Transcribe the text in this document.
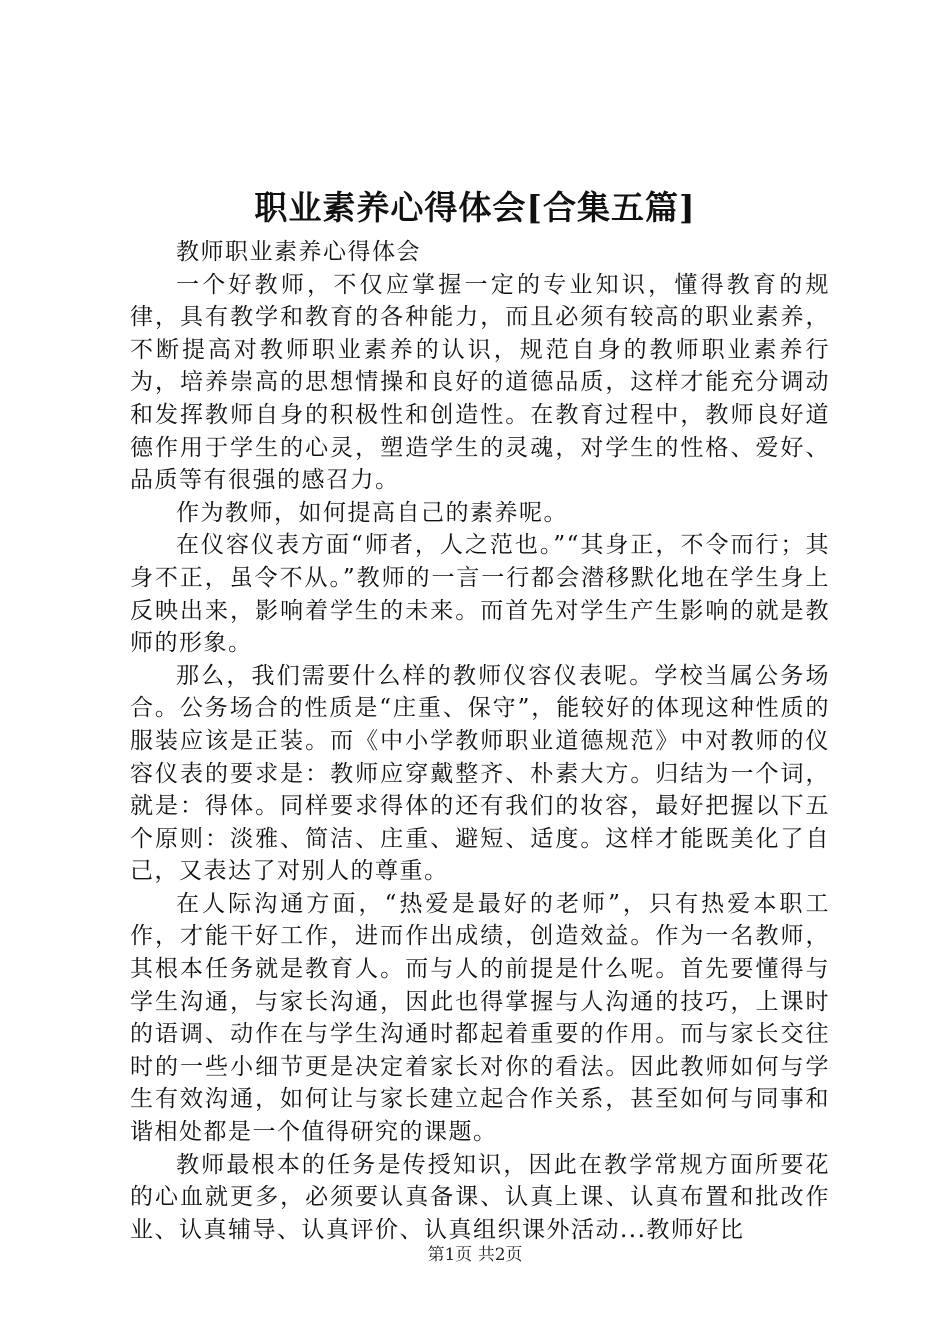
职业素养心得体会[合集五篇]

教师职业素养心得体会

一个好教师，不仅应掌握一定的专业知识，懂得教育的规律，具有教学和教育的各种能力，而且必须有较高的职业素养，不断提高对教师职业素养的认识，规范自身的教师职业素养行为，培养崇高的思想情操和良好的道德品质，这样才能充分调动和发挥教师自身的积极性和创造性。在教育过程中，教师良好道德作用于学生的心灵，塑造学生的灵魂，对学生的性格、爱好、品质等有很强的感召力。

作为教师，如何提高自己的素养呢。

在仪容仪表方面“师者，人之范也。”“其身正，不令而行；其身不正，虽令不从。”教师的一言一行都会潜移默化地在学生身上反映出来，影响着学生的未来。而首先对学生产生影响的就是教师的形象。

那么，我们需要什么样的教师仪容仪表呢。学校当属公务场合。公务场合的性质是“庄重、保守”，能较好的体现这种性质的服装应该是正装。而《中小学教师职业道德规范》中对教师的仪容仪表的要求是：教师应穿戴整齐、朴素大方。归结为一个词，就是：得体。同样要求得体的还有我们的妆容，最好把握以下五个原则：淡雅、简洁、庄重、避短、适度。这样才能既美化了自己，又表达了对别人的尊重。

在人际沟通方面，“热爱是最好的老师”，只有热爱本职工作，才能干好工作，进而作出成绩，创造效益。作为一名教师，其根本任务就是教育人。而与人的前提是什么呢。首先要懂得与学生沟通，与家长沟通，因此也得掌握与人沟通的技巧，上课时的语调、动作在与学生沟通时都起着重要的作用。而与家长交往时的一些小细节更是决定着家长对你的看法。因此教师如何与学生有效沟通，如何让与家长建立起合作关系，甚至如何与同事和谐相处都是一个值得研究的课题。

教师最根本的任务是传授知识，因此在教学常规方面所要花的心血就更多，必须要认真备课、认真上课、认真布置和批改作业、认真辅导、认真评价、认真组织课外活动...教师好比

第1页 共2页
